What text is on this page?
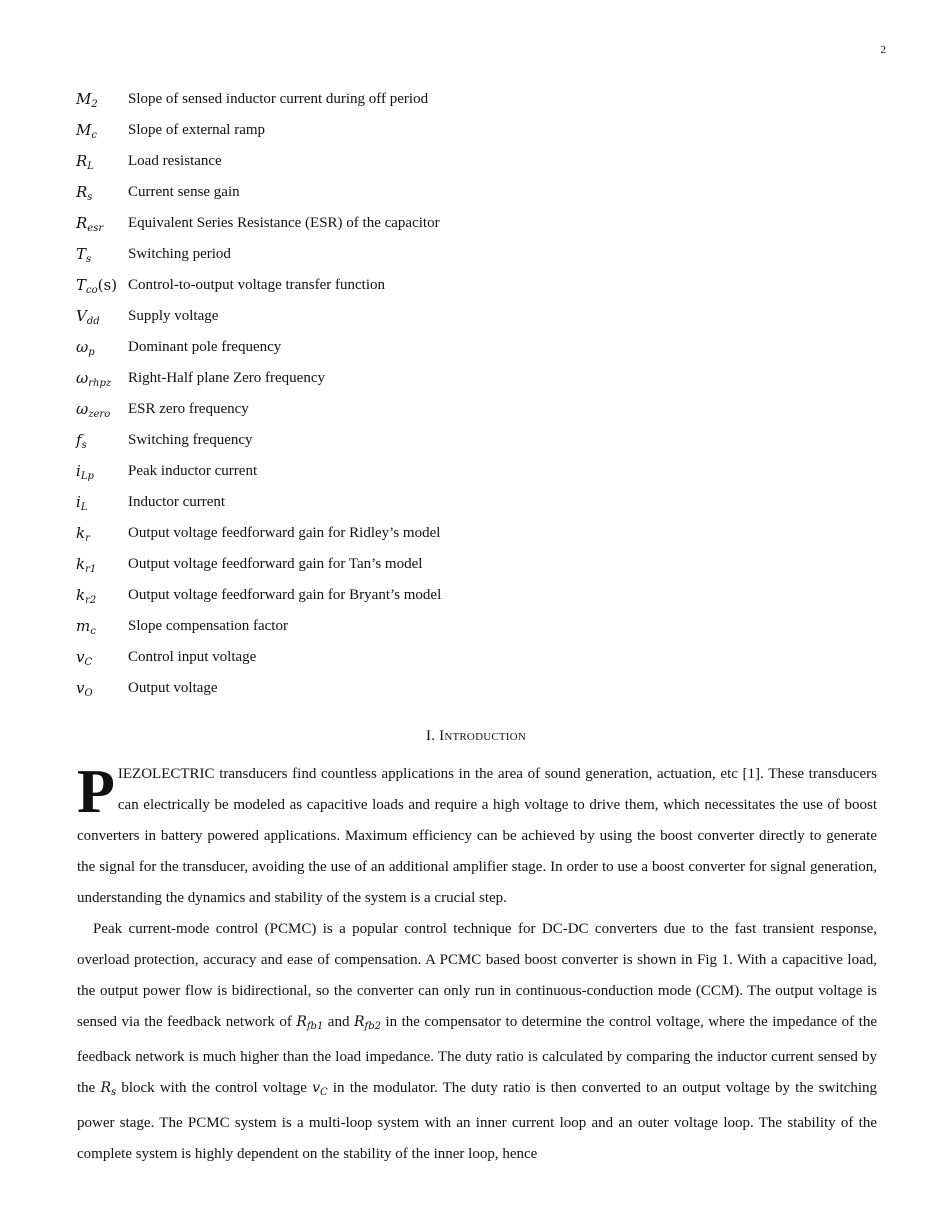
2
$M_2$	Slope of sensed inductor current during off period
$M_c$	Slope of external ramp
$R_L$	Load resistance
$R_s$	Current sense gain
$R_{esr}$	Equivalent Series Resistance (ESR) of the capacitor
$T_s$	Switching period
$T_{co}(s)$ Control-to-output voltage transfer function
$V_{dd}$	Supply voltage
$\omega_p$	Dominant pole frequency
$\omega_{rhpz}$	Right-Half plane Zero frequency
$\omega_{zero}$	ESR zero frequency
$f_s$	Switching frequency
$i_{Lp}$	Peak inductor current
$i_L$	Inductor current
$k_r$	Output voltage feedforward gain for Ridley’s model
$k_{r1}$	Output voltage feedforward gain for Tan’s model
$k_{r2}$	Output voltage feedforward gain for Bryant’s model
$m_c$	Slope compensation factor
$v_C$	Control input voltage
$v_O$	Output voltage
I. Introduction

PIEZOLECTRIC transducers find countless applications in the area of sound generation, actuation, etc [1]. These transducers can electrically be modeled as capacitive loads and require a high voltage to drive them, which necessitates the use of boost converters in battery powered applications. Maximum efficiency can be achieved by using the boost converter directly to generate the signal for the transducer, avoiding the use of an additional amplifier stage. In order to use a boost converter for signal generation, understanding the dynamics and stability of the system is a crucial step.

Peak current-mode control (PCMC) is a popular control technique for DC-DC converters due to the fast transient response, overload protection, accuracy and ease of compensation. A PCMC based boost converter is shown in Fig 1. With a capacitive load, the output power flow is bidirectional, so the converter can only run in continuous-conduction mode (CCM). The output voltage is sensed via the feedback network of $R_{fb1}$ and $R_{fb2}$ in the compensator to determine the control voltage, where the impedance of the feedback network is much higher than the load impedance. The duty ratio is calculated by comparing the inductor current sensed by the $R_s$ block with the control voltage $v_C$ in the modulator. The duty ratio is then converted to an output voltage by the switching power stage. The PCMC system is a multi-loop system with an inner current loop and an outer voltage loop. The stability of the complete system is highly dependent on the stability of the inner loop, hence
